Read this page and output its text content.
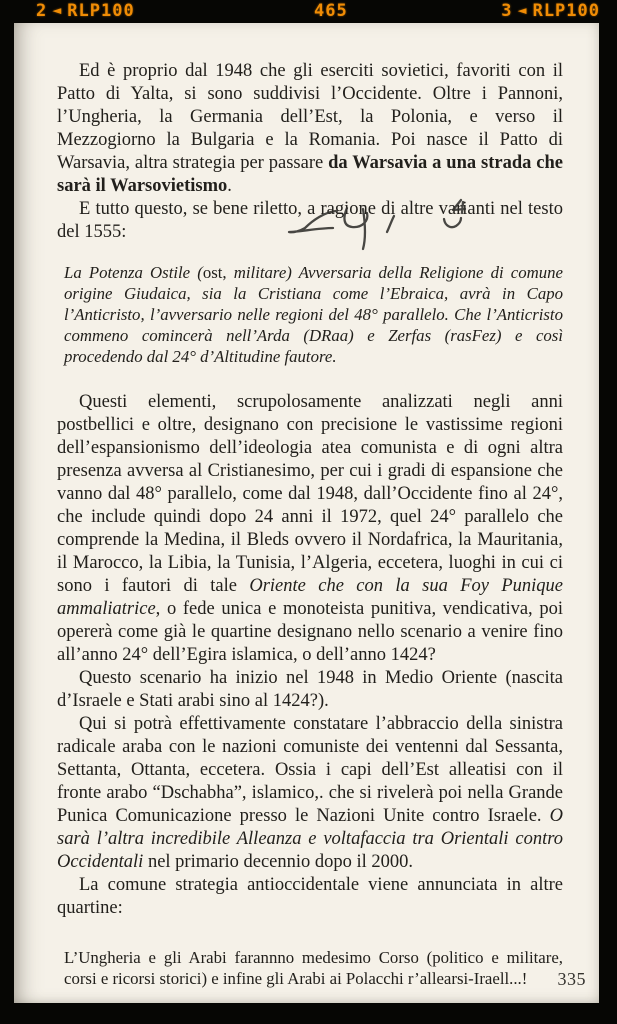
2 ◄ RLP100	465	3 ◄ RLP100

Ed è proprio dal 1948 che gli eserciti sovietici, favoriti con il Patto di Yalta, si sono suddivisi l’Occidente. Oltre i Pannoni, l’Ungheria, la Germania dell’Est, la Polonia, e verso il Mezzogiorno la Bulgaria e la Romania. Poi nasce il Patto di Warsavia, altra strategia per passare da Warsavia a una strada che sarà il Warsovietismo.

E tutto questo, se bene riletto, a ragione di altre varianti nel testo del 1555:

La Potenza Ostile (ost, militare) Avversaria della Religione di comune origine Giudaica, sia la Cristiana come l’Ebraica, avrà in Capo l’Anticristo, l’avversario nelle regioni del 48° parallelo. Che l’Anticristo commeno comincerà nell’Arda (DRaa) e Zerfas (rasFez) e così procedendo dal 24° d’Altitudine fautore.

Questi elementi, scrupolosamente analizzati negli anni postbellici e oltre, designano con precisione le vastissime regioni dell’espansionismo dell’ideologia atea comunista e di ogni altra presenza avversa al Cristianesimo, per cui i gradi di espansione che vanno dal 48° parallelo, come dal 1948, dall’Occidente fino al 24°, che include quindi dopo 24 anni il 1972, quel 24° parallelo che comprende la Medina, il Bleds ovvero il Nordafrica, la Mauritania, il Marocco, la Libia, la Tunisia, l’Algeria, eccetera, luoghi in cui ci sono i fautori di tale Oriente che con la sua Foy Punique ammaliatrice, o fede unica e monoteista punitiva, vendicativa, poi opererà come già le quartine designano nello scenario a venire fino all’anno 24° dell’Egira islamica, o dell’anno 1424?

Questo scenario ha inizio nel 1948 in Medio Oriente (nascita d’Israele e Stati arabi sino al 1424?).

Qui si potrà effettivamente constatare l’abbraccio della sinistra radicale araba con le nazioni comuniste dei ventenni dal Sessanta, Settanta, Ottanta, eccetera. Ossia i capi dell’Est alleatisi con il fronte arabo “Dschabha”, islamico,. che si rivelerà poi nella Grande Punica Comunicazione presso le Nazioni Unite contro Israele. O sarà l’altra incredibile Alleanza e voltafaccia tra Orientali contro Occidentali nel primario decennio dopo il 2000.

La comune strategia antioccidentale viene annunciata in altre quartine:

L’Ungheria e gli Arabi farannno medesimo Corso (politico e militare, corsi e ricorsi storici) e infine gli Arabi ai Polacchi r’allearsi-Iraell...!	335
